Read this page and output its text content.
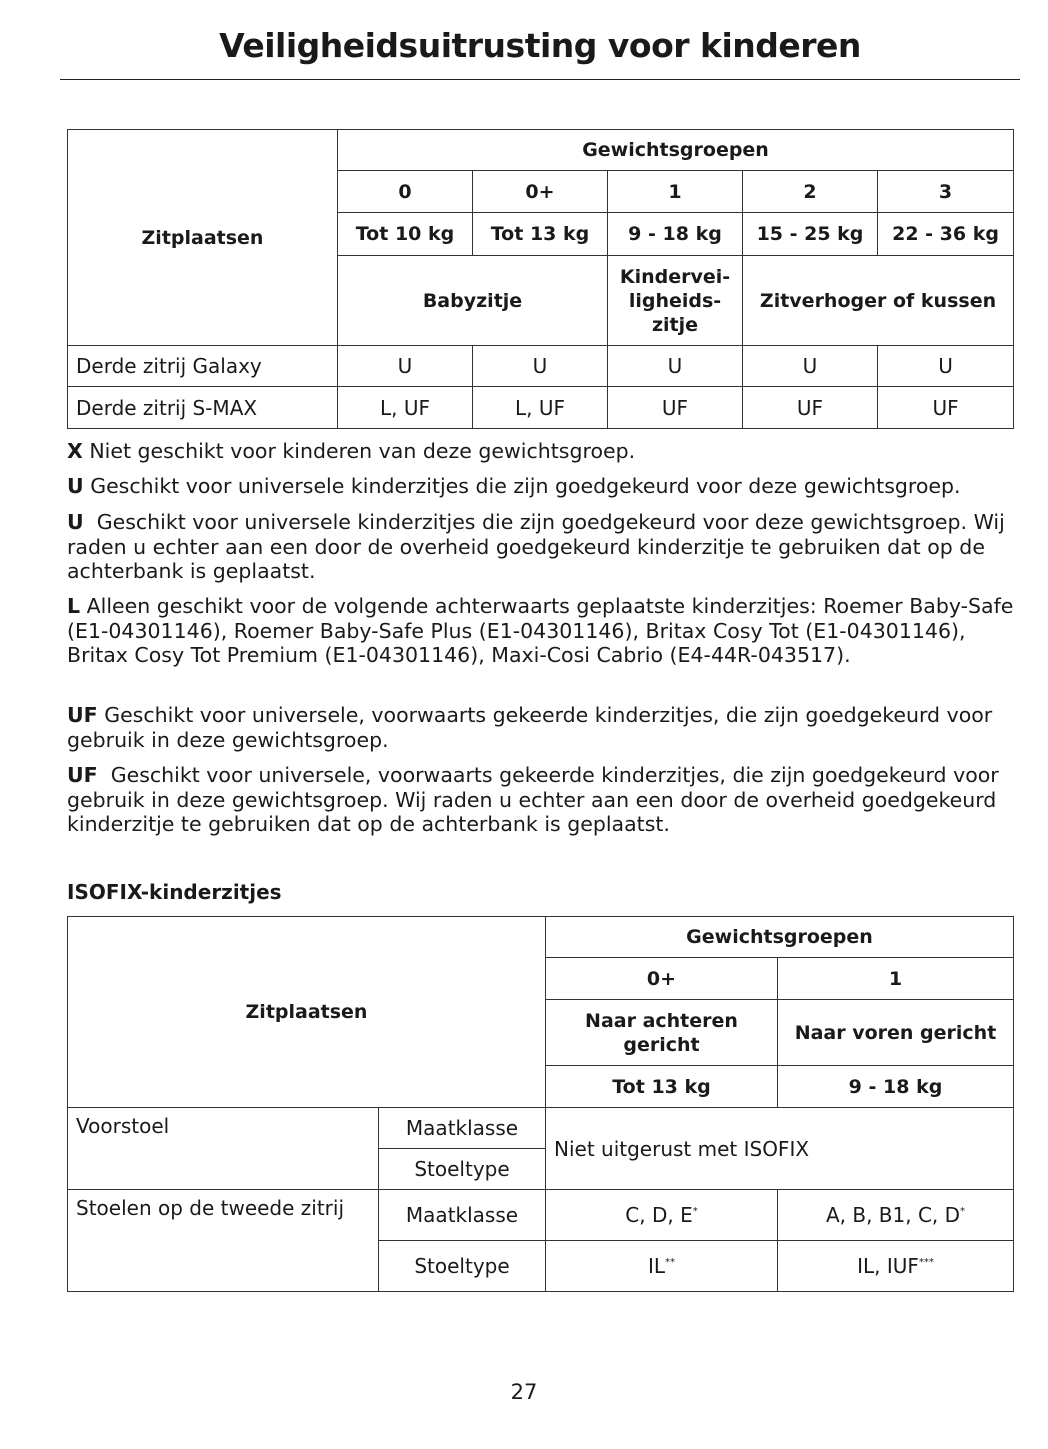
Veiligheidsuitrusting voor kinderen
Zitplaatsen	Gewichtsgroepen				
	0	0+	1	2	3
	Tot 10 kg	Tot 13 kg	9 - 18 kg	15 - 25 kg	22 - 36 kg
	Babyzitje		Kindervei-
ligheids-
zitje	Zitverhoger of kussen	
Derde zitrij Galaxy	U	U	U	U	U
Derde zitrij S-MAX	L, UF	L, UF	UF	UF	UF
X Niet geschikt voor kinderen van deze gewichtsgroep.
U Geschikt voor universele kinderzitjes die zijn goedgekeurd voor deze gewichtsgroep.
U Geschikt voor universele kinderzitjes die zijn goedgekeurd voor deze gewichtsgroep. Wij raden u echter aan een door de overheid goedgekeurd kinderzitje te gebruiken dat op de achterbank is geplaatst.
L Alleen geschikt voor de volgende achterwaarts geplaatste kinderzitjes: Roemer Baby-Safe (E1-04301146), Roemer Baby-Safe Plus (E1-04301146), Britax Cosy Tot (E1-04301146), Britax Cosy Tot Premium (E1-04301146), Maxi-Cosi Cabrio (E4-44R-043517).
UF Geschikt voor universele, voorwaarts gekeerde kinderzitjes, die zijn goedgekeurd voor gebruik in deze gewichtsgroep.
UF Geschikt voor universele, voorwaarts gekeerde kinderzitjes, die zijn goedgekeurd voor gebruik in deze gewichtsgroep. Wij raden u echter aan een door de overheid goedgekeurd kinderzitje te gebruiken dat op de achterbank is geplaatst.
ISOFIX-kinderzitjes
Zitplaatsen		Gewichtsgroepen	
		0+	1
		Naar achteren gericht	Naar voren gericht
		Tot 13 kg	9 - 18 kg
Voorstoel	Maatklasse	Niet uitgerust met ISOFIX	
	Stoeltype		
Stoelen op de tweede zitrij	Maatklasse	C, D, E*	A, B, B1, C, D*
	Stoeltype	IL**	IL, IUF***
27
